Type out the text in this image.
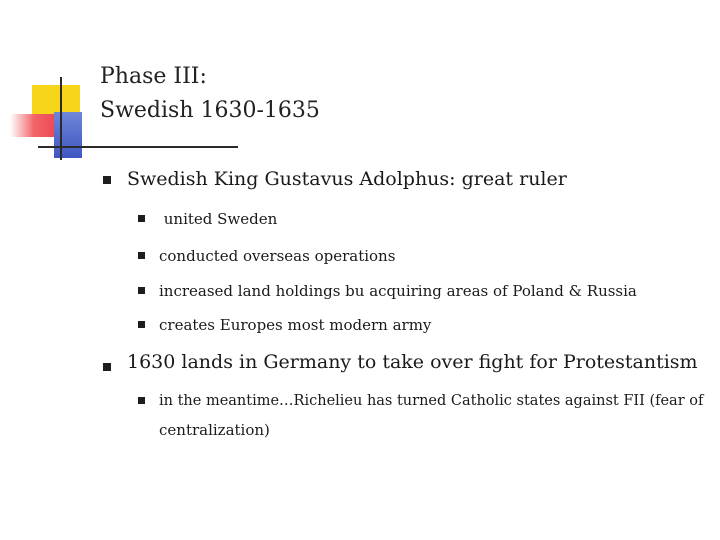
Phase III:
Swedish 1630-1635
Swedish King Gustavus Adolphus: great ruler
united Sweden
conducted overseas operations
increased land holdings bu acquiring areas of Poland & Russia
creates Europes most modern army
1630 lands in Germany to take over fight for Protestantism
in the meantime…Richelieu has turned Catholic states against FII (fear of
centralization)
